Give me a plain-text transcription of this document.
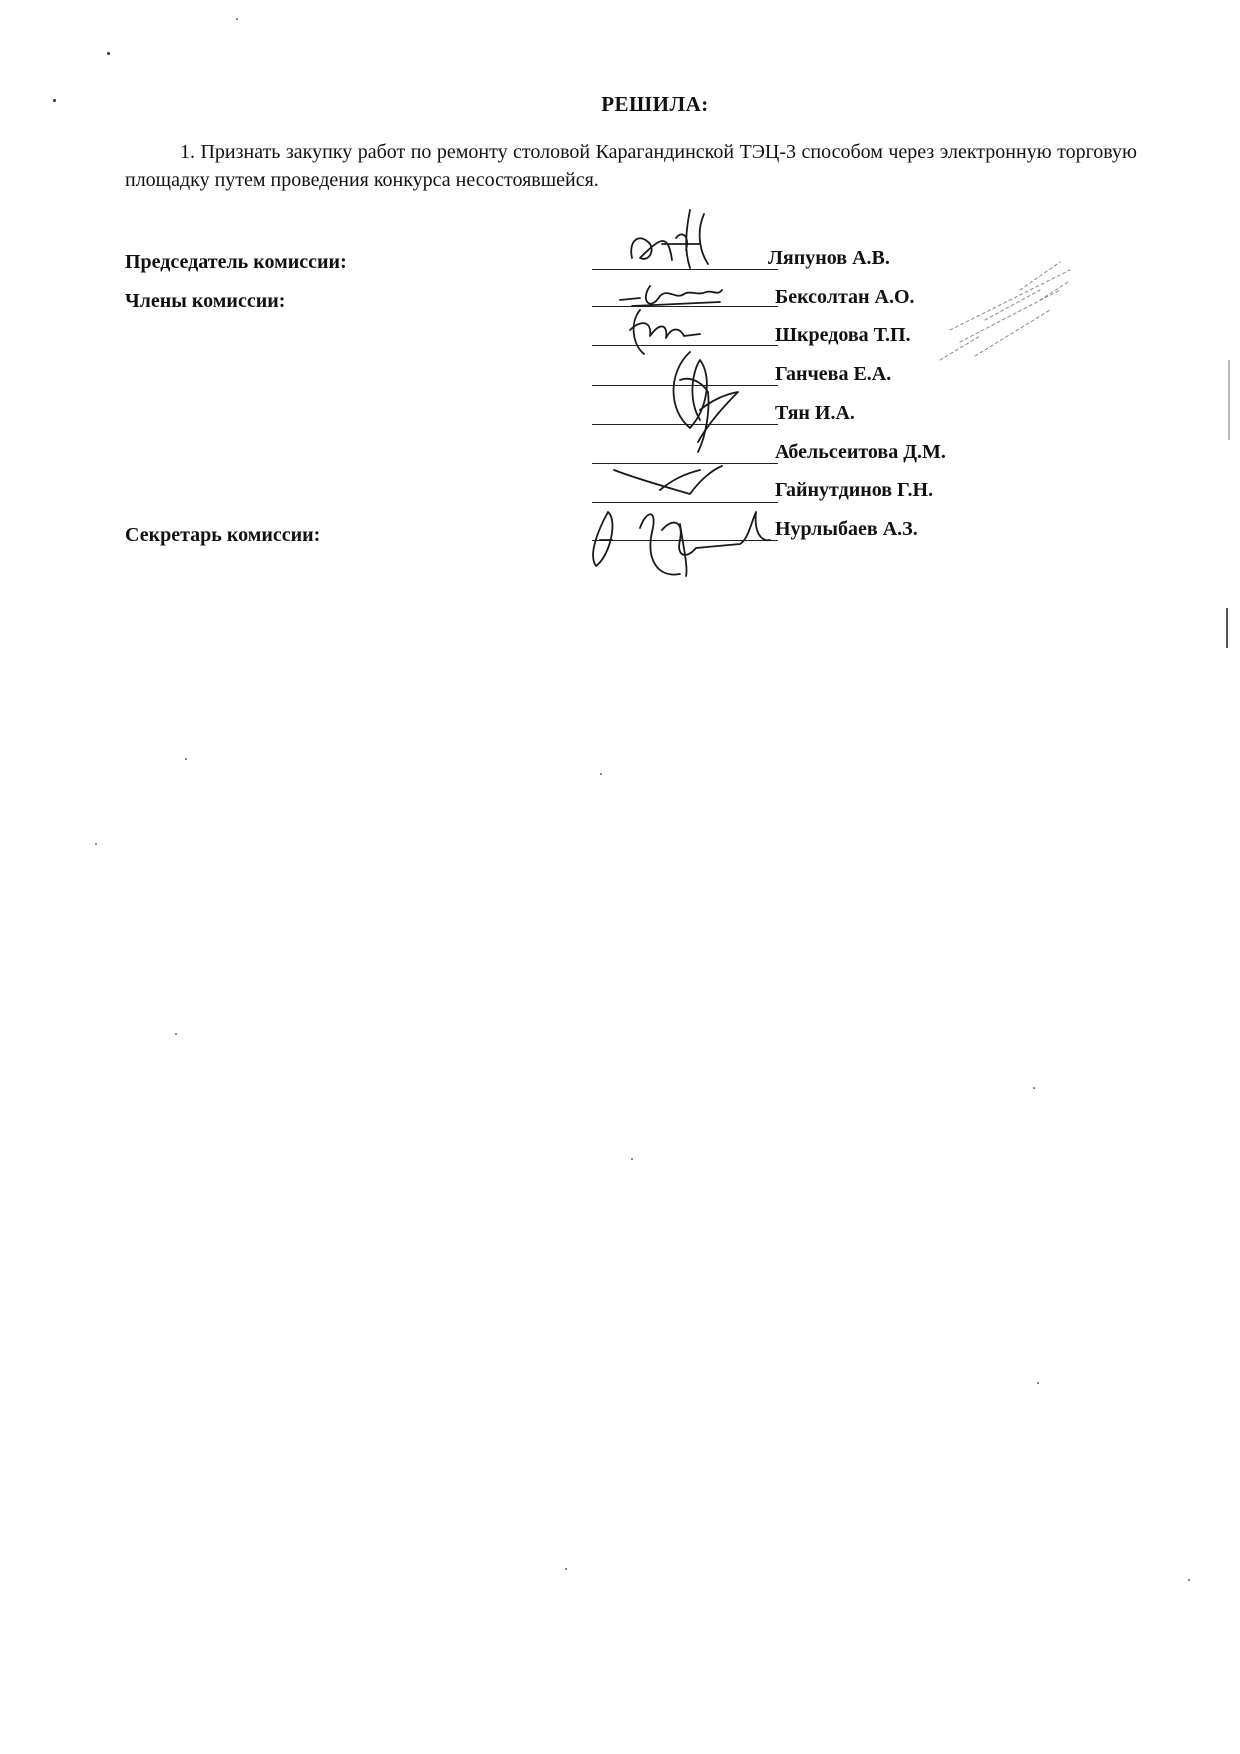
РЕШИЛА:
1. Признать закупку работ по ремонту столовой Карагандинской ТЭЦ-3 способом через электронную торговую площадку путем проведения конкурса несостоявшейся.
Председатель комиссии:
Члены комиссии:
Секретарь комиссии:
Ляпунов А.В.
Бексолтан А.О.
Шкредова Т.П.
Ганчева Е.А.
Тян И.А.
Абельсеитова Д.М.
Гайнутдинов Г.Н.
Нурлыбаев А.З.
